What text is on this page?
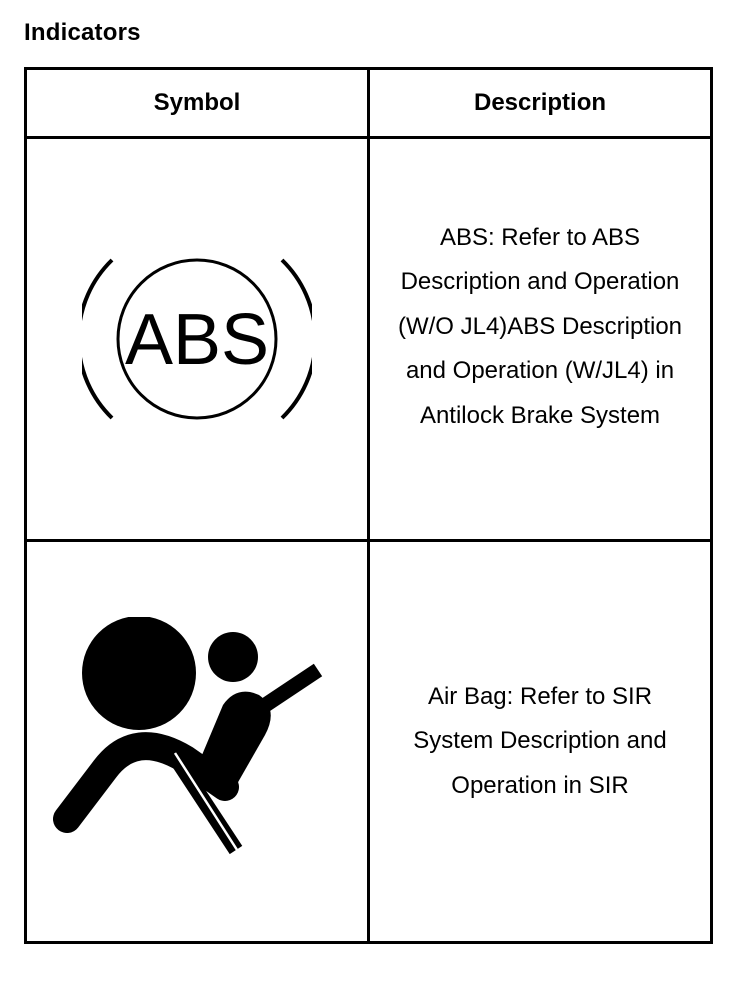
Indicators
Symbol	Description

ABS	ABS: Refer to ABS Description and Operation (W/O JL4)ABS Description and Operation (W/JL4) in Antilock Brake System

	Air Bag: Refer to SIR System Description and Operation in SIR
